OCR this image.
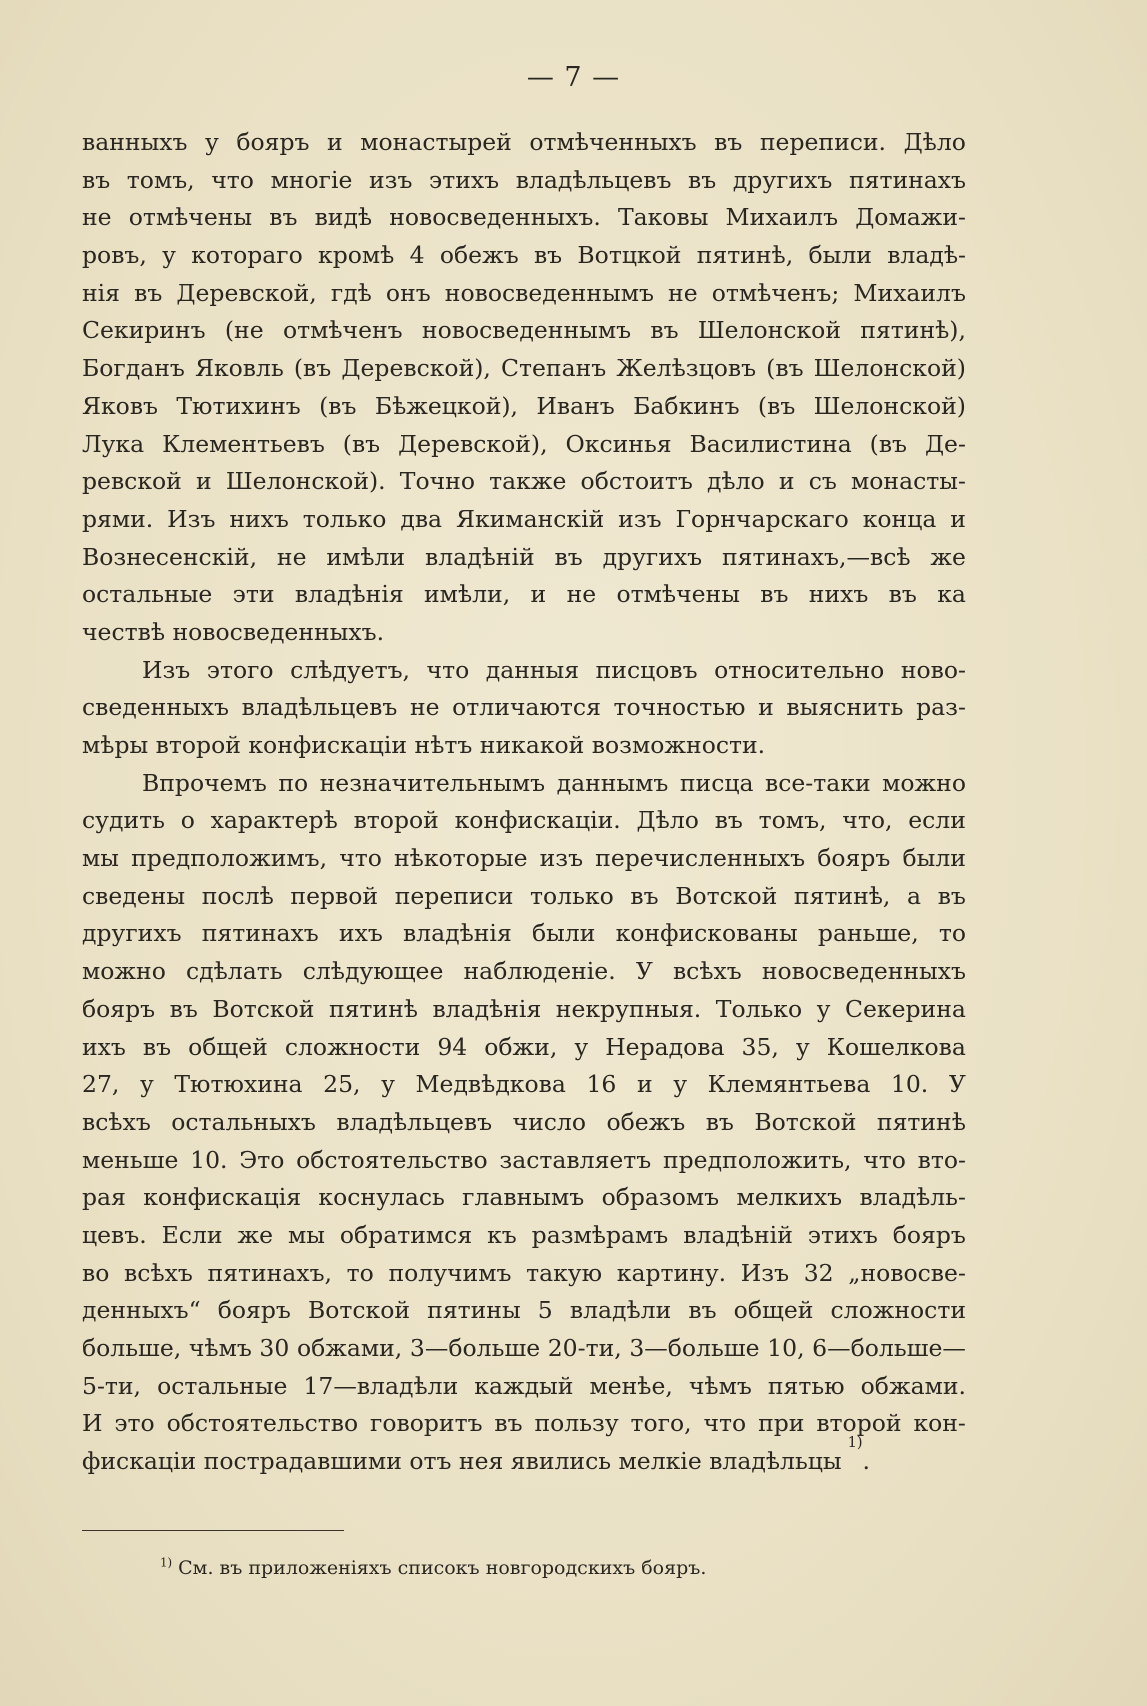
— 7 —
ванныхъ у бояръ и монастырей отмѣченныхъ въ переписи. Дѣло
въ томъ, что многіе изъ этихъ владѣльцевъ въ другихъ пятинахъ
не отмѣчены въ видѣ новосведенныхъ. Таковы Михаилъ Домажи-
ровъ, у котораго кромѣ 4 обежъ въ Вотцкой пятинѣ, были владѣ-
нія въ Деревской, гдѣ онъ новосведеннымъ не отмѣченъ; Михаилъ
Секиринъ (не отмѣченъ новосведеннымъ въ Шелонской пятинѣ),
Богданъ Яковль (въ Деревской), Степанъ Желѣзцовъ (въ Шелонской)
Яковъ Тютихинъ (въ Бѣжецкой), Иванъ Бабкинъ (въ Шелонской)
Лука Клементьевъ (въ Деревской), Оксинья Василистина (въ Де-
ревской и Шелонской). Точно также обстоитъ дѣло и съ монасты-
рями. Изъ нихъ только два Якиманскій изъ Горнчарскаго конца и
Вознесенскій, не имѣли владѣній въ другихъ пятинахъ,—всѣ же
остальные эти владѣнія имѣли, и не отмѣчены въ нихъ въ ка
чествѣ новосведенныхъ.
Изъ этого слѣдуетъ, что данныя писцовъ относительно ново-
сведенныхъ владѣльцевъ не отличаются точностью и выяснить раз-
мѣры второй конфискаціи нѣтъ никакой возможности.
Впрочемъ по незначительнымъ даннымъ писца все-таки можно
судить о характерѣ второй конфискаціи. Дѣло въ томъ, что, если
мы предположимъ, что нѣкоторые изъ перечисленныхъ бояръ были
сведены послѣ первой переписи только въ Вотской пятинѣ, а въ
другихъ пятинахъ ихъ владѣнія были конфискованы раньше, то
можно сдѣлать слѣдующее наблюденіе. У всѣхъ новосведенныхъ
бояръ въ Вотской пятинѣ владѣнія некрупныя. Только у Секерина
ихъ въ общей сложности 94 обжи, у Нерадова 35, у Кошелкова
27, у Тютюхина 25, у Медвѣдкова 16 и у Клемянтьева 10. У
всѣхъ остальныхъ владѣльцевъ число обежъ въ Вотской пятинѣ
меньше 10. Это обстоятельство заставляетъ предположить, что вто-
рая конфискація коснулась главнымъ образомъ мелкихъ владѣль-
цевъ. Если же мы обратимся къ размѣрамъ владѣній этихъ бояръ
во всѣхъ пятинахъ, то получимъ такую картину. Изъ 32 „новосве-
денныхъ“ бояръ Вотской пятины 5 владѣли въ общей сложности
больше, чѣмъ 30 обжами, 3—больше 20-ти, 3—больше 10, 6—больше—
5-ти, остальные 17—владѣли каждый менѣе, чѣмъ пятью обжами.
И это обстоятельство говоритъ въ пользу того, что при второй кон-
фискаціи пострадавшими отъ нея явились мелкіе владѣльцы
1)
.
$^{1)}$ См. въ приложеніяхъ списокъ новгородскихъ бояръ.
